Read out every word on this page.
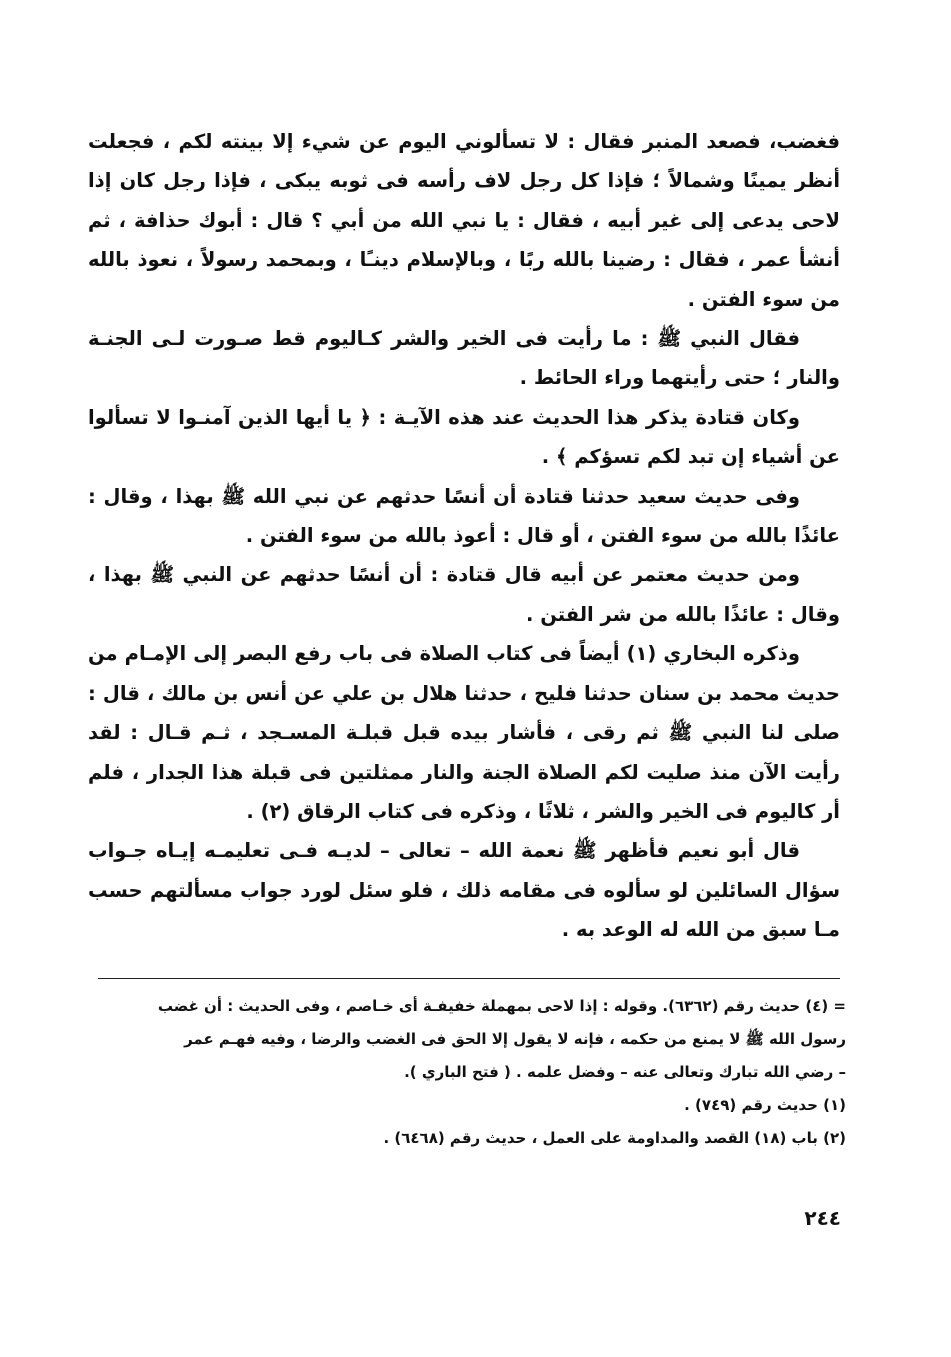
فغضب، فصعد المنبر فقال : لا تسألوني اليوم عن شيء إلا بينته لكم ، فجعلت أنظر يمينًا وشمالاً ؛ فإذا كل رجل لاف رأسه فى ثوبه يبكى ، فإذا رجل كان إذا لاحى يدعى إلى غير أبيه ، فقال : يا نبي الله من أبي ؟ قال : أبوك حذافة ، ثم أنشأ عمر ، فقال : رضينا بالله ربًا ، وبالإسلام دينـًا ، وبمحمد رسولاً ، نعوذ بالله من سوء الفتن .

فقال النبي ﷺ : ما رأيت فى الخير والشر كـاليوم قط صـورت لـى الجنـة والنار ؛ حتى رأيتهما وراء الحائط .

وكان قتادة يذكر هذا الحديث عند هذه الآيـة : ﴿ يا أيها الذين آمنـوا لا تسألوا عن أشياء إن تبد لكم تسؤكم ﴾ .

وفى حديث سعيد حدثنا قتادة أن أنسًا حدثهم عن نبي الله ﷺ بهذا ، وقال : عائذًا بالله من سوء الفتن ، أو قال : أعوذ بالله من سوء الفتن .

ومن حديث معتمر عن أبيه قال قتادة : أن أنسًا حدثهم عن النبي ﷺ بهذا ، وقال : عائذًا بالله من شر الفتن .

وذكره البخاري (١) أيضاً فى كتاب الصلاة فى باب رفع البصر إلى الإمـام من حديث محمد بن سنان حدثنا فليح ، حدثنا هلال بن علي عن أنس بن مالك ، قال : صلى لنا النبي ﷺ ثم رقى ، فأشار بيده قبل قبلـة المسـجد ، ثـم قـال : لقد رأيت الآن منذ صليت لكم الصلاة الجنة والنار ممثلتين فى قبلة هذا الجدار ، فلم أر كاليوم فى الخير والشر ، ثلاثًا ، وذكره فى كتاب الرقاق (٢) .

قال أبو نعيم فأظهر ﷺ نعمة الله – تعالى – لديـه فـى تعليمـه إيـاه جـواب سؤال السائلين لو سألوه فى مقامه ذلك ، فلو سئل لورد جواب مسألتهم حسب مـا سبق من الله له الوعد به .

= (٤) حديث رقم (٦٣٦٢). وقوله : إذا لاحى بمهملة خفيفـة أى خـاصم ، وفى الحديث : أن غضب

رسول الله ﷺ لا يمنع من حكمه ، فإنه لا يقول إلا الحق فى الغضب والرضا ، وفيه فهـم عمر

– رضي الله تبارك وتعالى عنه – وفضل علمه . ( فتح الباري ).

(١) حديث رقم (٧٤٩) .

(٢) باب (١٨) القصد والمداومة على العمل ، حديث رقم (٦٤٦٨) .

٢٤٤
